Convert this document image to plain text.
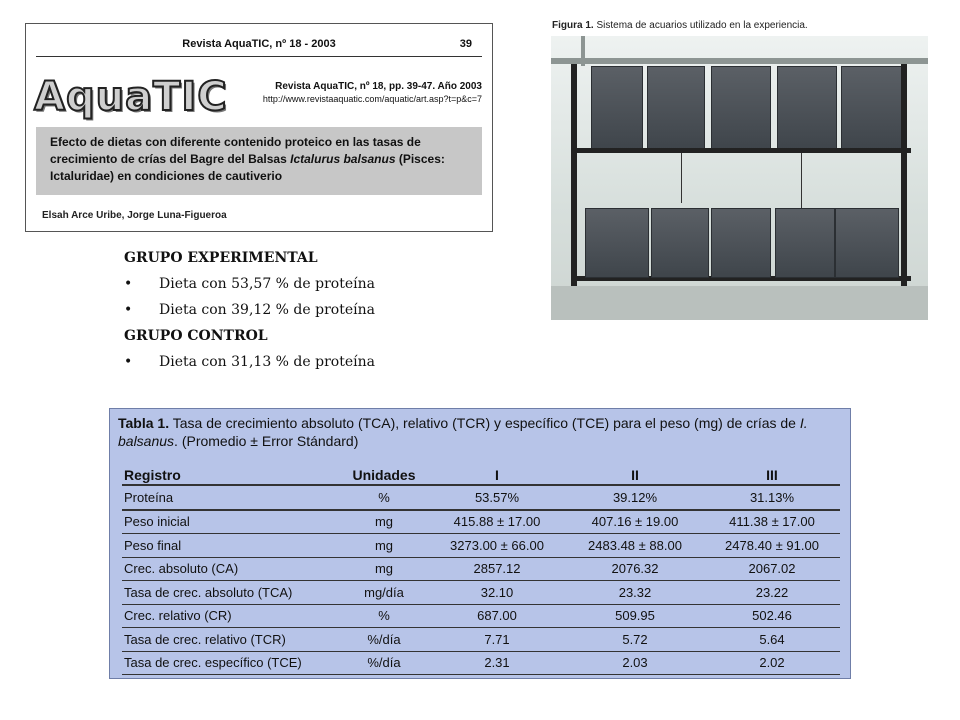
Revista AquaTIC, nº 18 - 2003	39
AquaTIC	Revista AquaTIC, nº 18, pp. 39-47. Año 2003
http://www.revistaaquatic.com/aquatic/art.asp?t=p&c=7
Efecto de dietas con diferente contenido proteico en las tasas de crecimiento de crías del Bagre del Balsas Ictalurus balsanus (Pisces: Ictaluridae) en condiciones de cautiverio
Elsah Arce Uribe, Jorge Luna-Figueroa
GRUPO EXPERIMENTAL
• Dieta con 53,57 % de proteína
• Dieta con 39,12 % de proteína
GRUPO CONTROL
• Dieta con 31,13 % de proteína
Figura 1. Sistema de acuarios utilizado en la experiencia.
Tabla 1. Tasa de crecimiento absoluto (TCA), relativo (TCR) y específico (TCE) para el peso (mg) de crías de I. balsanus. (Promedio ± Error Stándard)
Registro	Unidades	I	II	III
Proteína	%	53.57%	39.12%	31.13%
Peso inicial	mg	415.88 ± 17.00	407.16 ± 19.00	411.38 ± 17.00
Peso final	mg	3273.00 ± 66.00	2483.48 ± 88.00	2478.40 ± 91.00
Crec. absoluto (CA)	mg	2857.12	2076.32	2067.02
Tasa de crec. absoluto (TCA)	mg/día	32.10	23.32	23.22
Crec. relativo (CR)	%	687.00	509.95	502.46
Tasa de crec. relativo (TCR)	%/día	7.71	5.72	5.64
Tasa de crec. específico (TCE)	%/día	2.31	2.03	2.02
